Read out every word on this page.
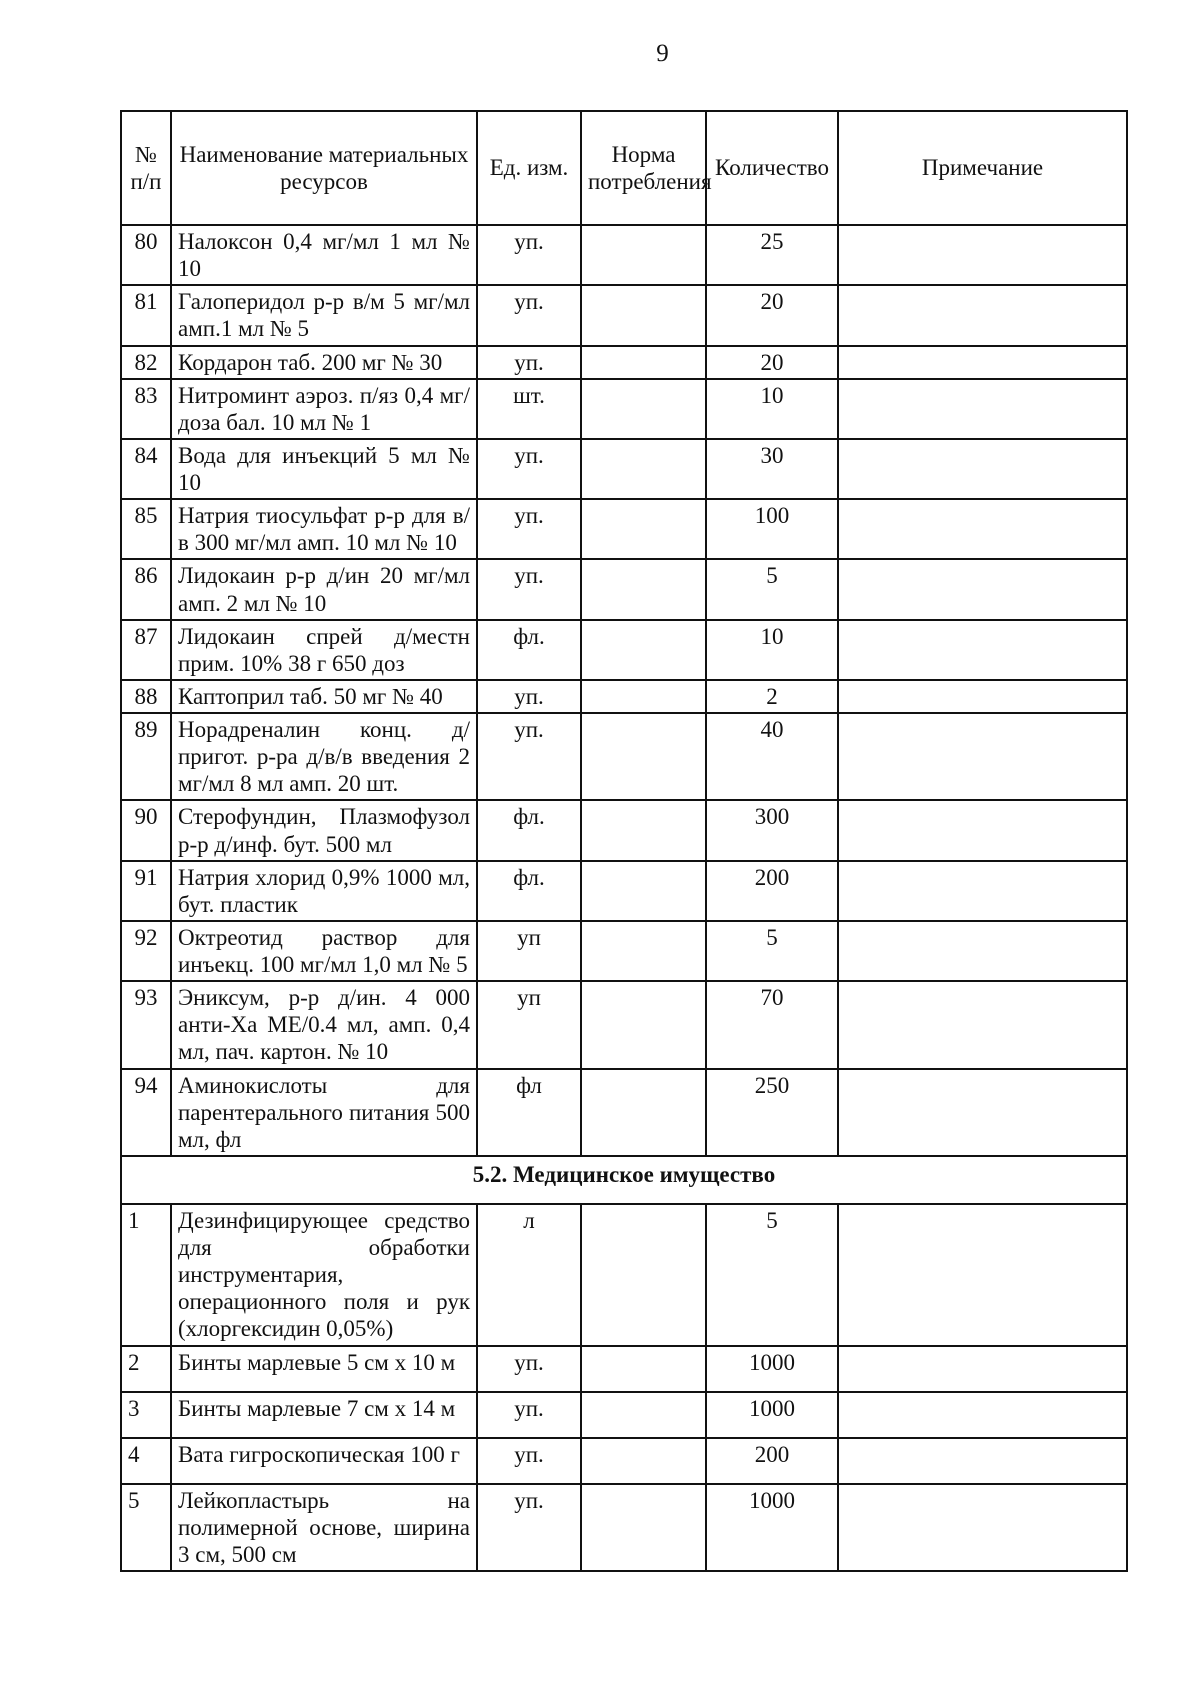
9
№ п/п	Наименование материальных ресурсов	Ед. изм.	Норма потребления	Количество	Примечание
80	Налоксон 0,4 мг/мл 1 мл № 10	уп.		25	
81	Галоперидол р-р в/м 5 мг/мл амп.1 мл № 5	уп.		20	
82	Кордарон таб. 200 мг № 30	уп.		20	
83	Нитроминт аэроз. п/яз 0,4 мг/доза бал. 10 мл № 1	шт.		10	
84	Вода для инъекций 5 мл № 10	уп.		30	
85	Натрия тиосульфат р-р для в/в 300 мг/мл амп. 10 мл № 10	уп.		100	
86	Лидокаин р-р д/ин 20 мг/мл амп. 2 мл № 10	уп.		5	
87	Лидокаин спрей д/местн прим. 10% 38 г 650 доз	фл.		10	
88	Каптоприл таб. 50 мг № 40	уп.		2	
89	Норадреналин конц. д/пригот. р-ра д/в/в введения 2 мг/мл 8 мл амп. 20 шт.	уп.		40	
90	Стерофундин, Плазмофузол р-р д/инф. бут. 500 мл	фл.		300	
91	Натрия хлорид 0,9% 1000 мл, бут. пластик	фл.		200	
92	Октреотид раствор для инъекц. 100 мг/мл 1,0 мл № 5	уп		5	
93	Эниксум, р-р д/ин. 4 000 анти-Ха МЕ/0.4 мл, амп. 0,4 мл, пач. картон. № 10	уп		70	
94	Аминокислоты для парентерального питания 500 мл, фл	фл		250	
5.2. Медицинское имущество					
1	Дезинфицирующее средство для обработки инструментария, операционного поля и рук (хлоргексидин 0,05%)	л		5	
2	Бинты марлевые 5 см х 10 м	уп.		1000	
3	Бинты марлевые 7 см х 14 м	уп.		1000	
4	Вата гигроскопическая 100 г	уп.		200	
5	Лейкопластырь на полимерной основе, ширина 3 см, 500 см	уп.		1000	
